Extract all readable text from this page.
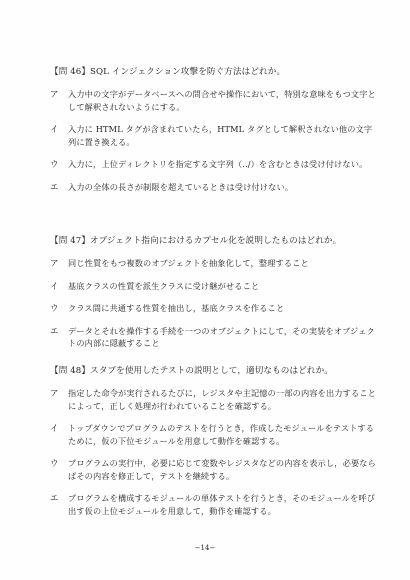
【問 46】SQL インジェクション攻撃を防ぐ方法はどれか。
ア	入力中の文字がデータベースへの問合せや操作において，特別な意味をもつ文字として解釈されないようにする。
イ	入力に HTML タグが含まれていたら，HTML タグとして解釈されない他の文字列に置き換える。
ウ	入力に，上位ディレクトリを指定する文字列（../）を含むときは受け付けない。
エ	入力の全体の長さが制限を超えているときは受け付けない。
【問 47】オブジェクト指向におけるカプセル化を説明したものはどれか。
ア	同じ性質をもつ複数のオブジェクトを抽象化して，整理すること
イ	基底クラスの性質を派生クラスに受け継がせること
ウ	クラス間に共通する性質を抽出し，基底クラスを作ること
エ	データとそれを操作する手続を一つのオブジェクトにして，その実装をオブジェクトの内部に隠蔽すること
【問 48】スタブを使用したテストの説明として，適切なものはどれか。
ア	指定した命令が実行されるたびに，レジスタや主記憶の一部の内容を出力することによって，正しく処理が行われていることを確認する。
イ	トップダウンでプログラムのテストを行うとき，作成したモジュールをテストするために，仮の下位モジュールを用意して動作を確認する。
ウ	プログラムの実行中，必要に応じて変数やレジスタなどの内容を表示し，必要ならばその内容を修正して，テストを継続する。
エ	プログラムを構成するモジュールの単体テストを行うとき，そのモジュールを呼び出す仮の上位モジュールを用意して，動作を確認する。
−14−
